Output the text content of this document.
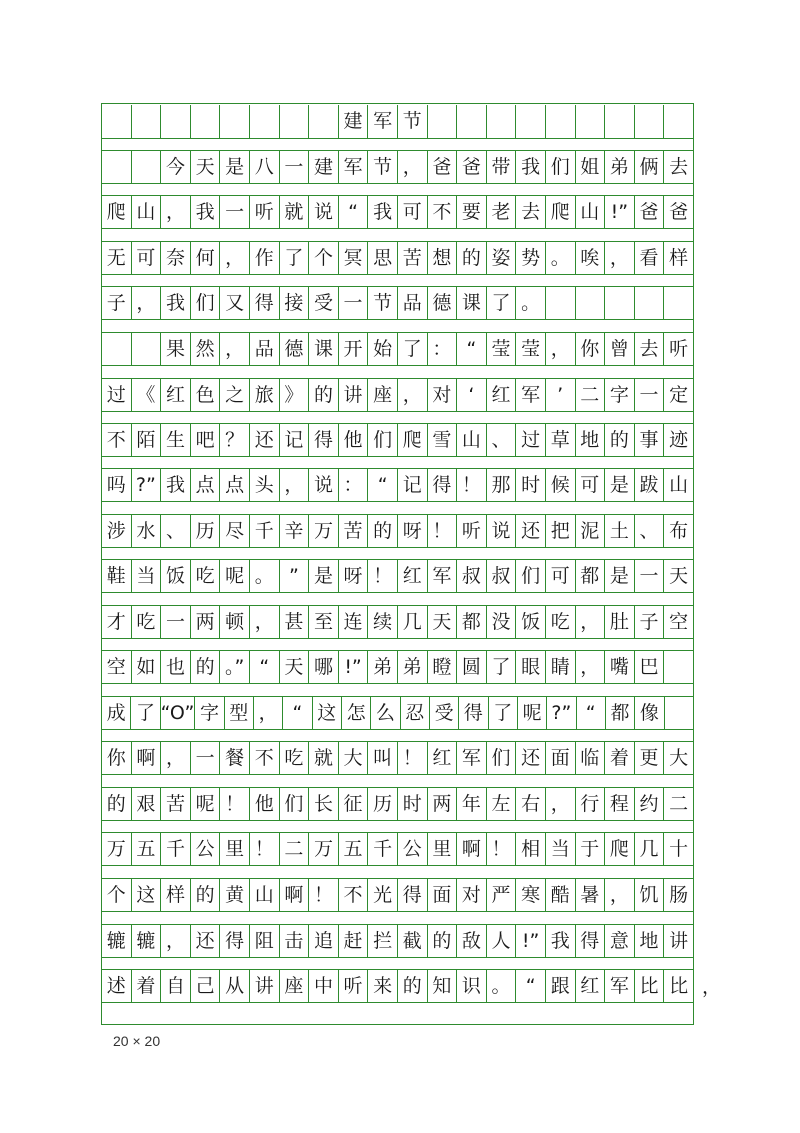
建 军 节
今 天 是 八 一 建 军 节 ， 爸 爸 带 我 们 姐 弟 俩 去
爬 山 ， 我 一 听 就 说 “ 我 可 不 要 老 去 爬 山 !” 爸 爸
无 可 奈 何 ， 作 了 个 冥 思 苦 想 的 姿 势 。 唉 ， 看 样
子 ， 我 们 又 得 接 受 一 节 品 德 课 了 。
果 然 ， 品 德 课 开 始 了 ： “ 莹 莹 ， 你 曾 去 听
过 《 红 色 之 旅 》 的 讲 座 ， 对 ‘ 红 军 ’ 二 字 一 定
不 陌 生 吧 ？ 还 记 得 他 们 爬 雪 山 、 过 草 地 的 事 迹
吗 ?” 我 点 点 头 ， 说 ： “ 记 得 ！ 那 时 候 可 是 跋 山
涉 水 、 历 尽 千 辛 万 苦 的 呀 ！ 听 说 还 把 泥 土 、 布
鞋 当 饭 吃 呢 。 ” 是 呀 ！ 红 军 叔 叔 们 可 都 是 一 天
才 吃 一 两 顿 ， 甚 至 连 续 几 天 都 没 饭 吃 ， 肚 子 空
空 如 也 的 。” “ 天 哪 !” 弟 弟 瞪 圆 了 眼 睛 ， 嘴 巴
成 了 “O” 字 型 ， “ 这 怎 么 忍 受 得 了 呢 ?” “ 都 像
你 啊 ， 一 餐 不 吃 就 大 叫 ！ 红 军 们 还 面 临 着 更 大
的 艰 苦 呢 ！ 他 们 长 征 历 时 两 年 左 右 ， 行 程 约 二
万 五 千 公 里 ！ 二 万 五 千 公 里 啊 ！ 相 当 于 爬 几 十
个 这 样 的 黄 山 啊 ！ 不 光 得 面 对 严 寒 酷 暑 ， 饥 肠
辘 辘 ， 还 得 阻 击 追 赶 拦 截 的 敌 人 !” 我 得 意 地 讲
述 着 自 己 从 讲 座 中 听 来 的 知 识 。 “ 跟 红 军 比 比 ，
20 × 20
